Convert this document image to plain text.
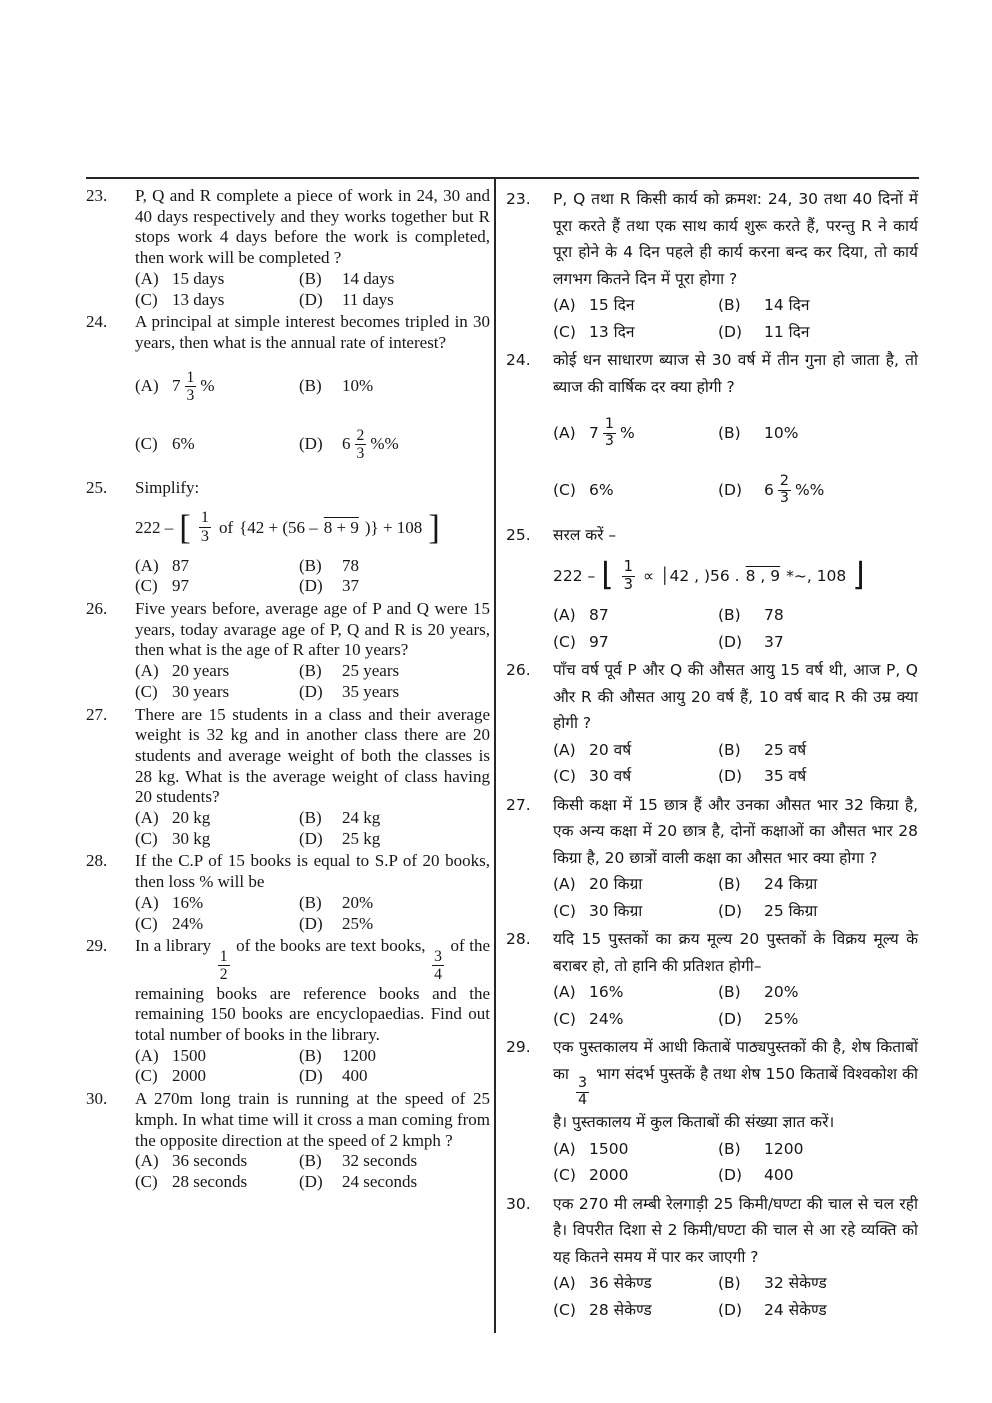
23.	P, Q and R complete a piece of work in 24, 30 and 40 days respectively and they works together but R stops work 4 days before the work is completed, then work will be completed ?
(A) 15 days	(B)	14 days
(C) 13 days	(D)	11 days
24.	A principal at simple interest becomes tripled in 30 years, then what is the annual rate of interest?
(A) $7 \frac{1}{3}$ %	(B)	10%
(C) 6%	(D)	$6 \frac{2}{3}$ %%
25.	Simplify:
222 – [ $\frac{1}{3}$ of {42 + (56 – 8 + 9 )} + 108 ]
(A) 87	(B)	78
(C) 97	(D)	37
26.	Five years before, average age of P and Q were 15 years, today avarage age of P, Q and R is 20 years, then what is the age of R after 10 years?
(A) 20 years	(B)	25 years
(C) 30 years	(D)	35 years
27.	There are 15 students in a class and their average weight is 32 kg and in another class there are 20 students and average weight of both the classes is 28 kg. What is the average weight of class having 20 students?
(A) 20 kg	(B)	24 kg
(C) 30 kg	(D)	25 kg
28.	If the C.P of 15 books is equal to S.P of 20 books, then loss % will be
(A) 16%	(B)	20%
(C) 24%	(D)	25%
29.	In a library
$\frac{1}{2}$
of the books are text books,
$\frac{3}{4}$
of the remaining books are reference books and the remaining 150 books are encyclopaedias. Find out total number of books in the library.
(A) 1500	(B)	1200
(C) 2000	(D)	400
30.	A 270m long train is running at the speed of 25 kmph. In what time will it cross a man coming from the opposite direction at the speed of 2 kmph ?
(A) 36 seconds	(B)	32 seconds
(C) 28 seconds	(D)	24 seconds
23.	P, Q तथा R किसी कार्य को क्रमश: 24, 30 तथा 40 दिनों में पूरा करते हैं तथा एक साथ कार्य शुरू करते हैं, परन्तु R ने कार्य पूरा होने के 4 दिन पहले ही कार्य करना बन्द कर दिया, तो कार्य लगभग कितने दिन में पूरा होगा ?
(A) 15 दिन	(B)	14 दिन
(C) 13 दिन	(D)	11 दिन
24.	कोई धन साधारण ब्याज से 30 वर्ष में तीन गुना हो जाता है, तो ब्याज की वार्षिक दर क्या होगी ?
(A) $7 \frac{1}{3}$ %	(B)	10%
(C) 6%	(D)	$6 \frac{2}{3}$ %%
25.	सरल करें –
222 – ⌊ $\frac{1}{3}$ ∝ │42 , )56 . 8 , 9 *~, 108 ⌋
(A) 87	(B)	78
(C) 97	(D)	37
26.	पाँच वर्ष पूर्व P और Q की औसत आयु 15 वर्ष थी, आज P, Q और R की औसत आयु 20 वर्ष हैं, 10 वर्ष बाद R की उम्र क्या होगी ?
(A) 20 वर्ष	(B)	25 वर्ष
(C) 30 वर्ष	(D)	35 वर्ष
27.	किसी कक्षा में 15 छात्र हैं और उनका औसत भार 32 किग्रा है, एक अन्य कक्षा में 20 छात्र है, दोनों कक्षाओं का औसत भार 28 किग्रा है, 20 छात्रों वाली कक्षा का औसत भार क्या होगा ?
(A) 20 किग्रा	(B)	24 किग्रा
(C) 30 किग्रा	(D)	25 किग्रा
28.	यदि 15 पुस्तकों का क्रय मूल्य 20 पुस्तकों के विक्रय मूल्य के बराबर हो, तो हानि की प्रतिशत होगी–
(A) 16%	(B)	20%
(C) 24%	(D)	25%
29.	एक पुस्तकालय में आधी किताबें पाठ्यपुस्तकों की है, शेष किताबों का
$\frac{3}{4}$
भाग संदर्भ पुस्तकें है तथा शेष 150 किताबें विश्वकोश की है। पुस्तकालय में कुल किताबों की संख्या ज्ञात करें।
(A) 1500	(B)	1200
(C) 2000	(D)	400
30.	एक 270 मी लम्बी रेलगाड़ी 25 किमी/घण्टा की चाल से चल रही है। विपरीत दिशा से 2 किमी/घण्टा की चाल से आ रहे व्यक्ति को यह कितने समय में पार कर जाएगी ?
(A) 36 सेकेण्ड	(B)	32 सेकेण्ड
(C) 28 सेकेण्ड	(D)	24 सेकेण्ड
